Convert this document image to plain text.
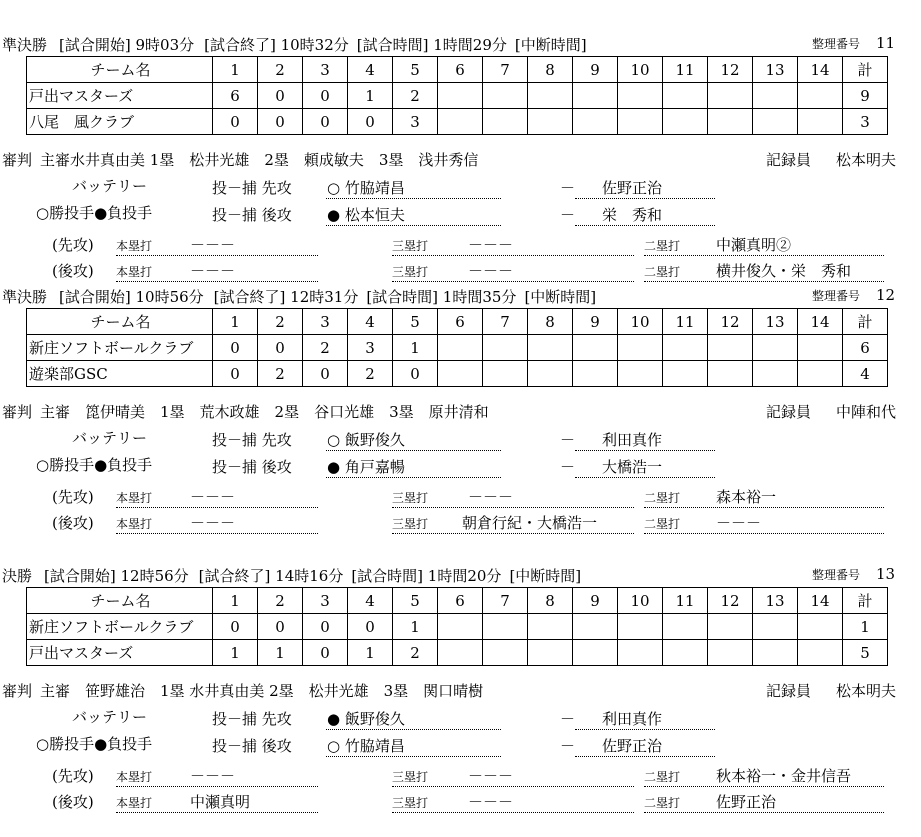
準決勝 [試合開始] 9時03分 [試合終了] 10時32分 [試合時間] 1時間29分 [中断時間]	整理番号 11
チーム名	1	2	3	4	5	6	7	8	9	10	11	12	13	14	計
戸出マスターズ	6	0	0	1	2										9
八尾　風クラブ	0	0	0	0	3										3
審判 主審水井真由美 1塁　松井光雄　2塁　頼成敏夫　3塁　浅井秀信	記録員 松本明夫
バッテリー	投－捕 先攻 ○ 竹脇靖昌	－ 佐野正治
○勝投手●負投手	投－捕 後攻 ● 松本恒夫	－ 栄　秀和
(先攻) 本塁打	－－－	三塁打	－－－	二塁打 中瀬真明②
(後攻) 本塁打	－－－	三塁打	－－－	二塁打 横井俊久・栄　秀和
準決勝 [試合開始] 10時56分 [試合終了] 12時31分 [試合時間] 1時間35分 [中断時間]	整理番号 12
チーム名	1	2	3	4	5	6	7	8	9	10	11	12	13	14	計
新庄ソフトボールクラブ	0	0	2	3	1										6
遊楽部GSC	0	2	0	2	0										4
審判 主審　箆伊晴美　1塁　荒木政雄　2塁　谷口光雄　3塁　原井清和	記録員 中陣和代
バッテリー	投－捕 先攻 ○ 飯野俊久	－ 利田真作
○勝投手●負投手	投－捕 後攻 ● 角戸嘉暢	－ 大橋浩一
(先攻) 本塁打	－－－	三塁打	－－－	二塁打 森本裕一
(後攻) 本塁打	－－－	三塁打 朝倉行紀・大橋浩一	二塁打 －－－
決勝 [試合開始] 12時56分 [試合終了] 14時16分 [試合時間] 1時間20分 [中断時間]	整理番号 13
チーム名	1	2	3	4	5	6	7	8	9	10	11	12	13	14	計
新庄ソフトボールクラブ	0	0	0	0	1										1
戸出マスターズ	1	1	0	1	2										5
審判 主審　笹野雄治　1塁 水井真由美 2塁　松井光雄　3塁　関口晴樹	記録員 松本明夫
バッテリー	投－捕 先攻 ● 飯野俊久	－ 利田真作
○勝投手●負投手	投－捕 後攻 ○ 竹脇靖昌	－ 佐野正治
(先攻) 本塁打	－－－	三塁打	－－－	二塁打 秋本裕一・金井信吾
(後攻) 本塁打	中瀬真明	三塁打	－－－	二塁打 佐野正治
